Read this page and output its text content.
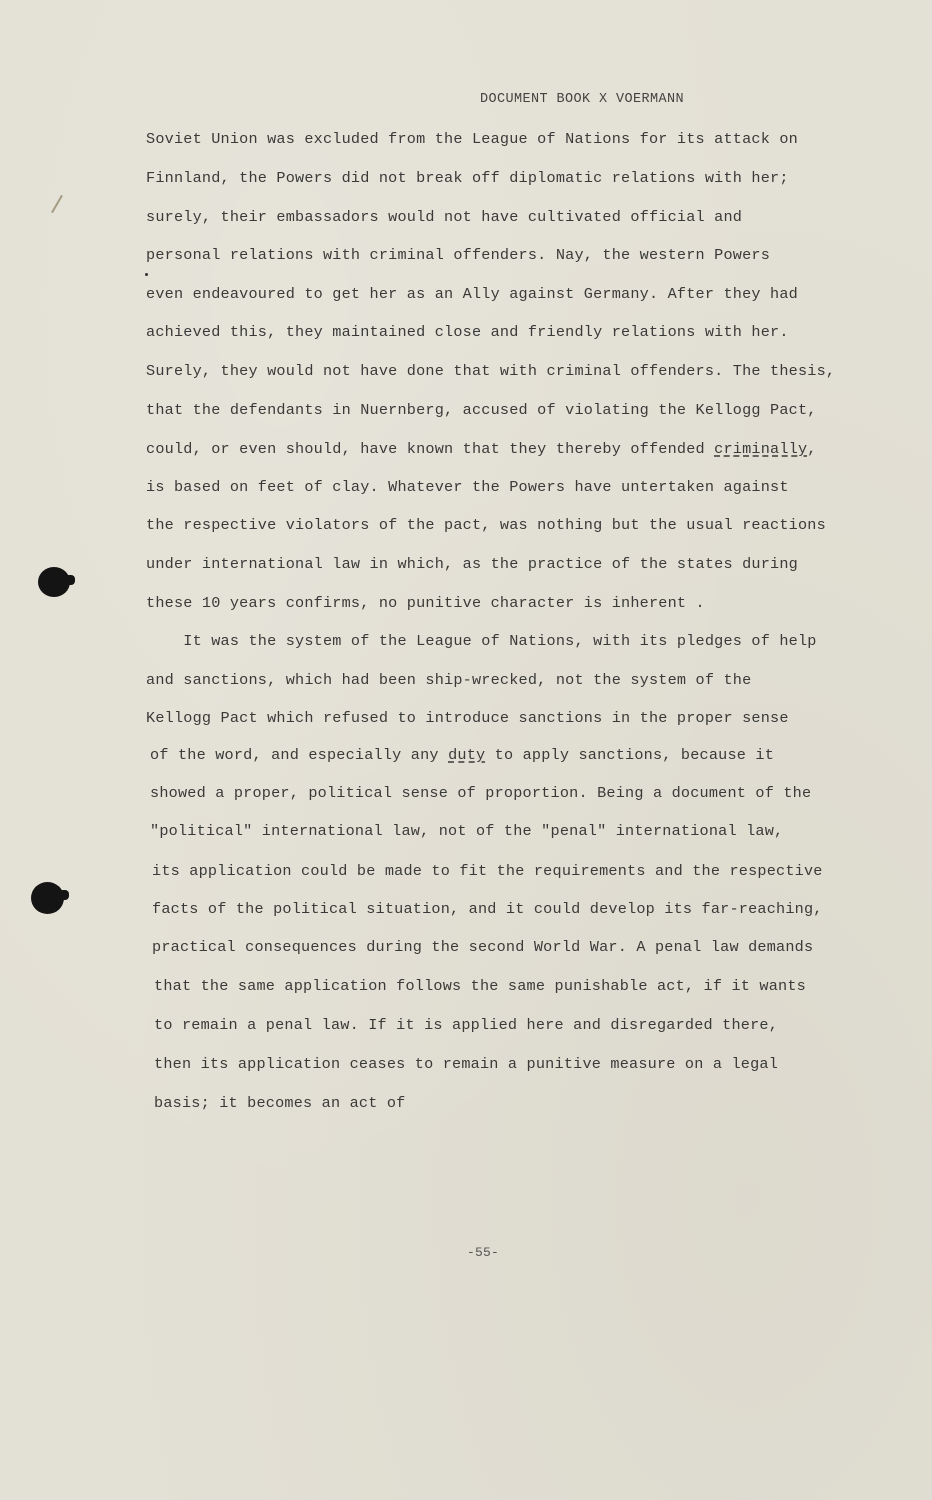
DOCUMENT BOOK X VOERMANN
Soviet Union was excluded from the League of Nations for its attack on
Finnland, the Powers did not break off diplomatic relations with her;
surely, their embassadors would not have cultivated official and
personal relations with criminal offenders. Nay, the western Powers
even endeavoured to get her as an Ally against Germany. After they had
achieved this, they maintained close and friendly relations with her.
Surely, they would not have done that with criminal offenders. The thesis,
that the defendants in Nuernberg, accused of violating the Kellogg Pact,
could, or even should, have known that they thereby offended criminally,
is based on feet of clay. Whatever the Powers have untertaken against
the respective violators of the pact, was nothing but the usual reactions
under international law in which, as the practice of the states during
these 10 years confirms, no punitive character is inherent .
It was the system of the League of Nations, with its pledges of help
and sanctions, which had been ship-wrecked, not the system of the
Kellogg Pact which refused to introduce sanctions in the proper sense
of the word, and especially any duty to apply sanctions, because it
showed a proper, political sense of proportion. Being a document of the
"political" international law, not of the "penal" international law,
its application could be made to fit the requirements and the respective
facts of the political situation, and it could develop its far-reaching,
practical consequences during the second World War. A penal law demands
that the same application follows the same punishable act, if it wants
to remain a penal law. If it is applied here and disregarded there,
then its application ceases to remain a punitive measure on a legal
basis; it becomes an act of
-55-
